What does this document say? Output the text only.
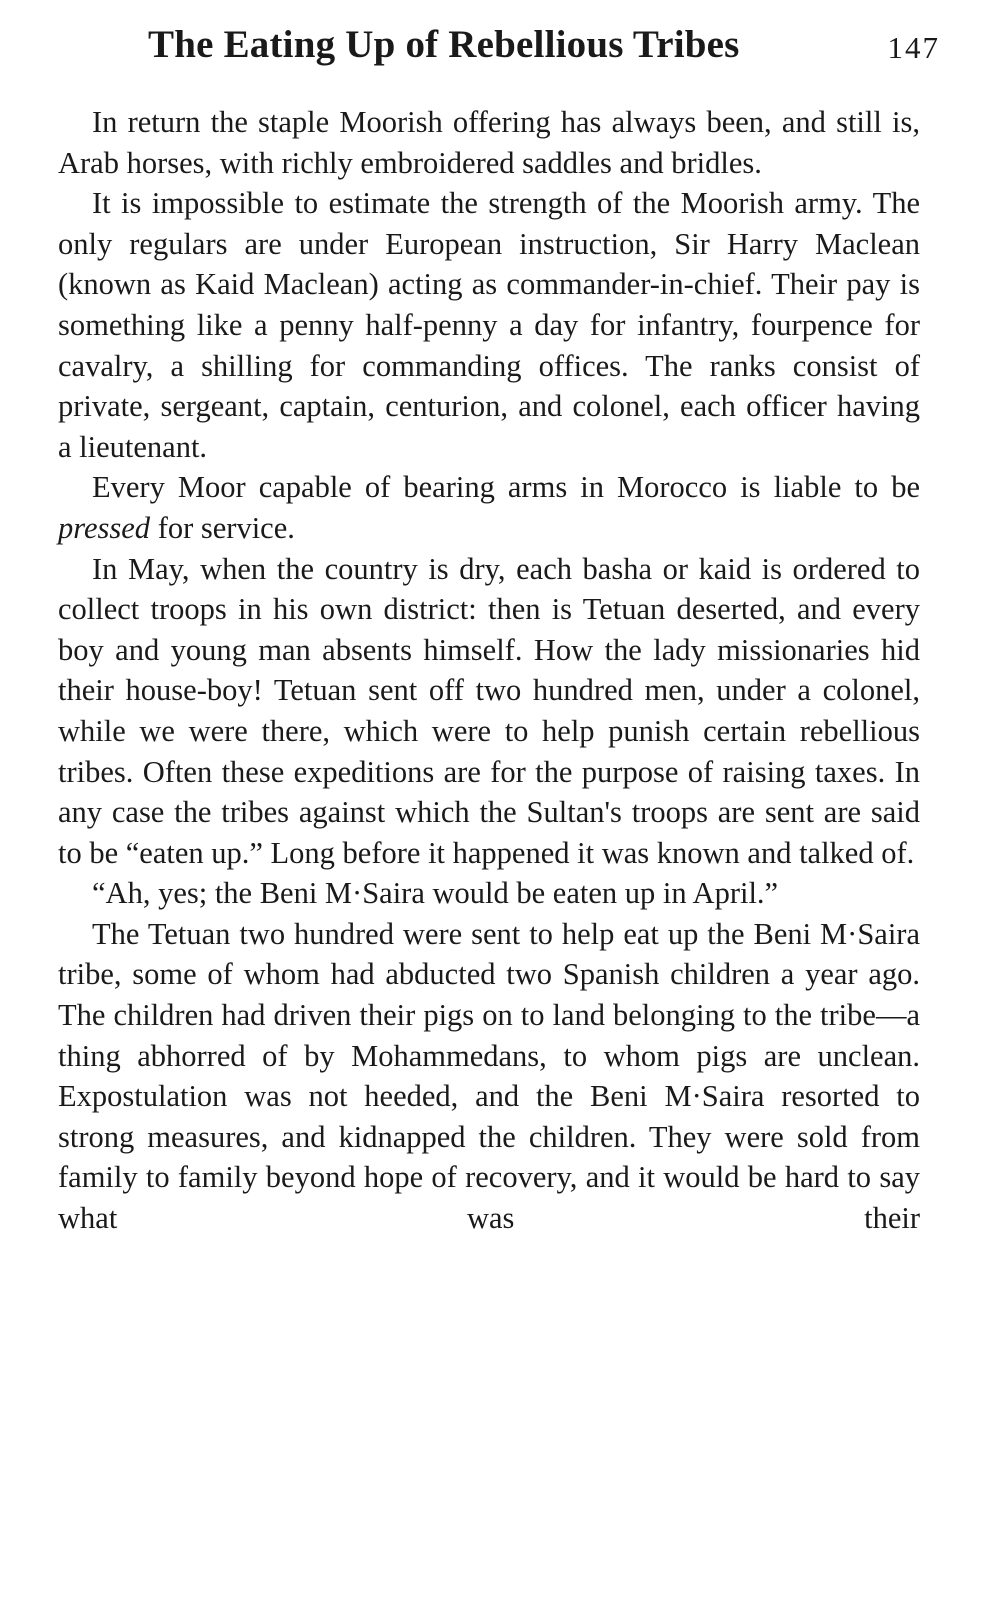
The Eating Up of Rebellious Tribes	147

In return the staple Moorish offering has always been, and still is, Arab horses, with richly embroidered saddles and bridles.

It is impossible to estimate the strength of the Moorish army. The only regulars are under European instruction, Sir Harry Maclean (known as Kaid Maclean) acting as commander-in-chief. Their pay is something like a penny half-penny a day for infantry, fourpence for cavalry, a shilling for commanding offices. The ranks consist of private, sergeant, captain, centurion, and colonel, each officer having a lieutenant.

Every Moor capable of bearing arms in Morocco is liable to be pressed for service.

In May, when the country is dry, each basha or kaid is ordered to collect troops in his own district: then is Tetuan deserted, and every boy and young man absents himself. How the lady missionaries hid their house-boy! Tetuan sent off two hundred men, under a colonel, while we were there, which were to help punish certain rebellious tribes. Often these expeditions are for the purpose of raising taxes. In any case the tribes against which the Sultan's troops are sent are said to be “eaten up.” Long before it happened it was known and talked of.

“Ah, yes; the Beni M·Saira would be eaten up in April.”

The Tetuan two hundred were sent to help eat up the Beni M·Saira tribe, some of whom had abducted two Spanish children a year ago. The children had driven their pigs on to land belonging to the tribe—a thing abhorred of by Mohammedans, to whom pigs are unclean. Expostulation was not heeded, and the Beni M·Saira resorted to strong measures, and kidnapped the children. They were sold from family to family beyond hope of recovery, and it would be hard to say what was their
